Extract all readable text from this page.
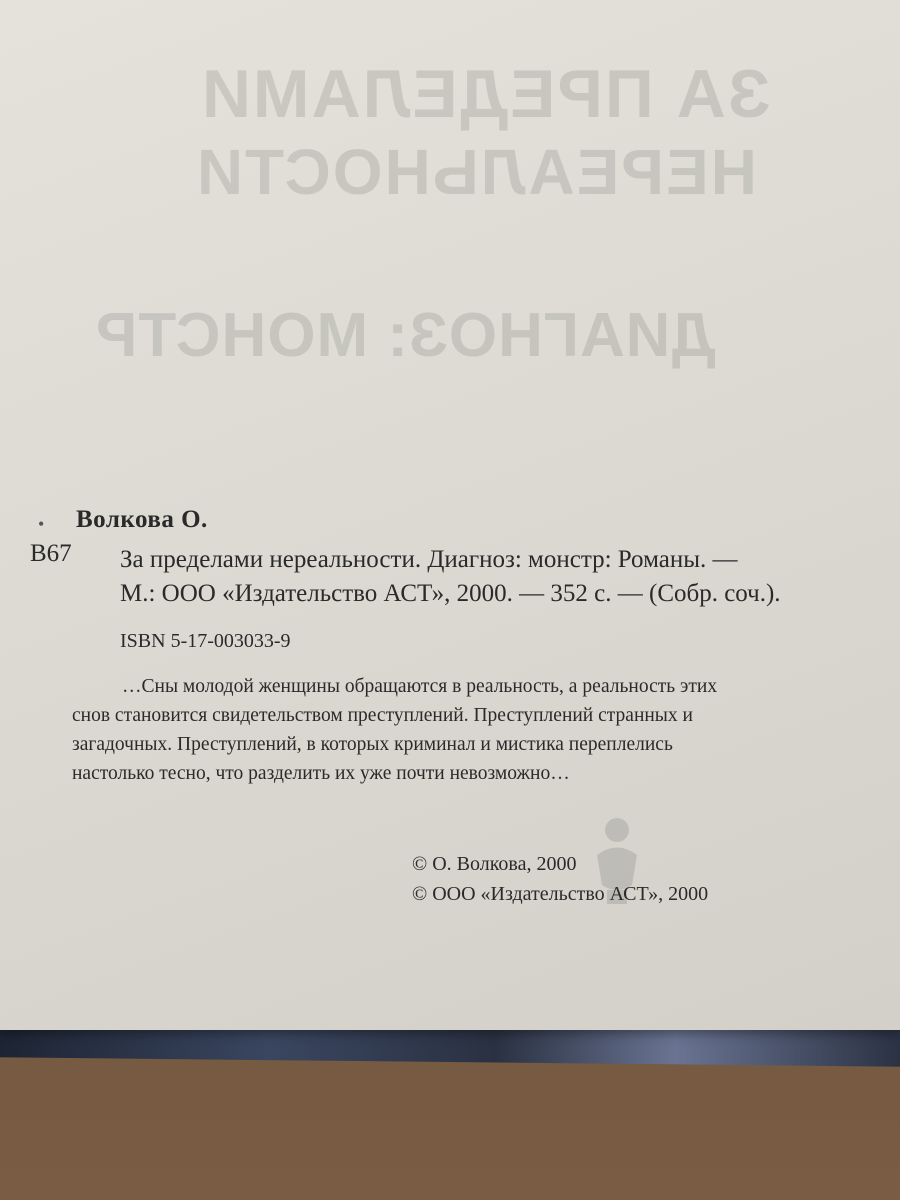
ЗА ПРЕДЕЛАМИ
НЕРЕАЛЬНОСТИ
ДИАГНОЗ: МОНСТР
• Волкова О.
В67 За пределами нереальности. Диагноз: монстр: Романы. —
М.: ООО «Издательство АСТ», 2000. — 352 с. — (Собр. соч.).
ISBN 5-17-003033-9
…Сны молодой женщины обращаются в реальность, а реальность этих
снов становится свидетельством преступлений. Преступлений странных и
загадочных. Преступлений, в которых криминал и мистика переплелись
настолько тесно, что разделить их уже почти невозможно…
© О. Волкова, 2000
© ООО «Издательство АСТ», 2000
